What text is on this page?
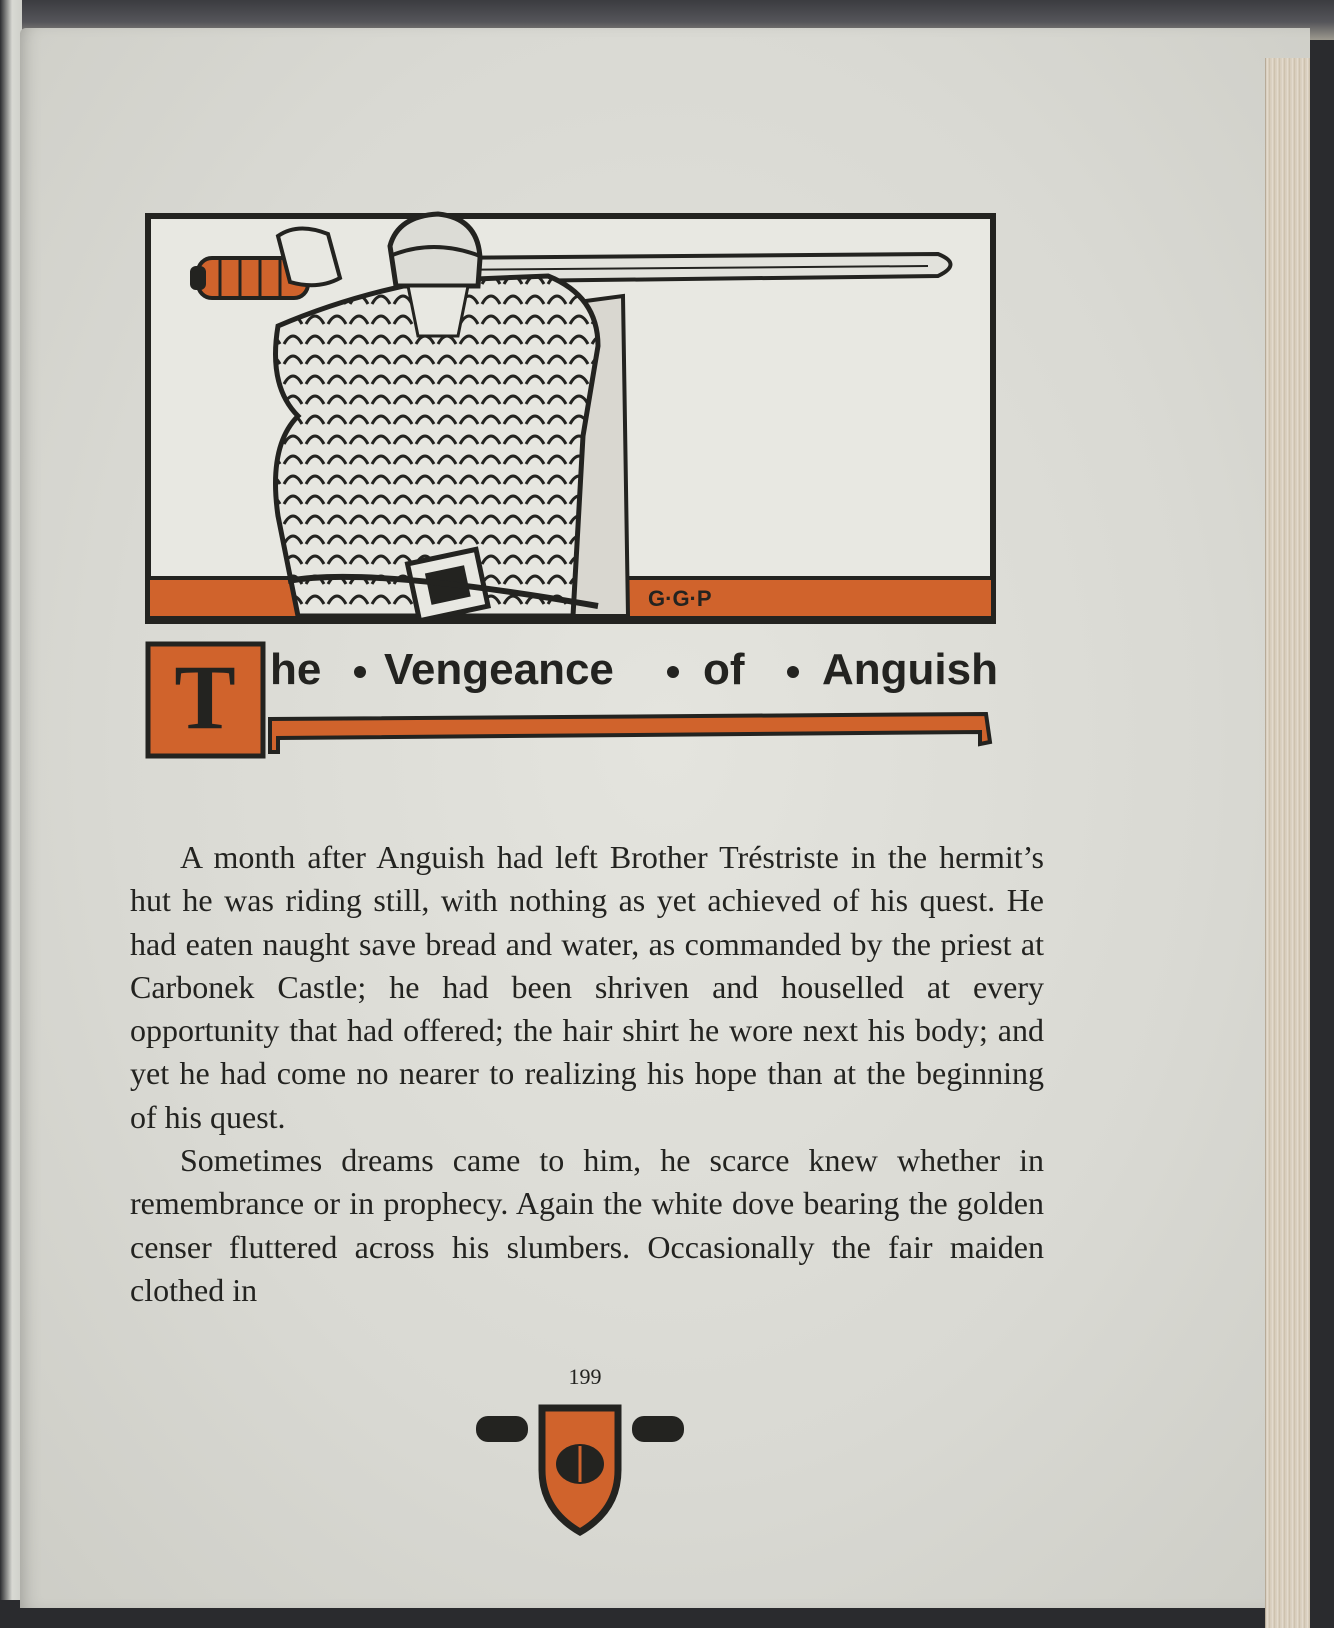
G·G·P
T he Vengeance of Anguish

A month after Anguish had left Brother Tréstriste in the hermit’s hut he was riding still, with nothing as yet achieved of his quest. He had eaten naught save bread and water, as commanded by the priest at Carbonek Castle; he had been shriven and houselled at every opportunity that had offered; the hair shirt he wore next his body; and yet he had come no nearer to realizing his hope than at the beginning of his quest.

Sometimes dreams came to him, he scarce knew whether in remembrance or in prophecy. Again the white dove bearing the golden censer fluttered across his slumbers. Occasionally the fair maiden clothed in

199
